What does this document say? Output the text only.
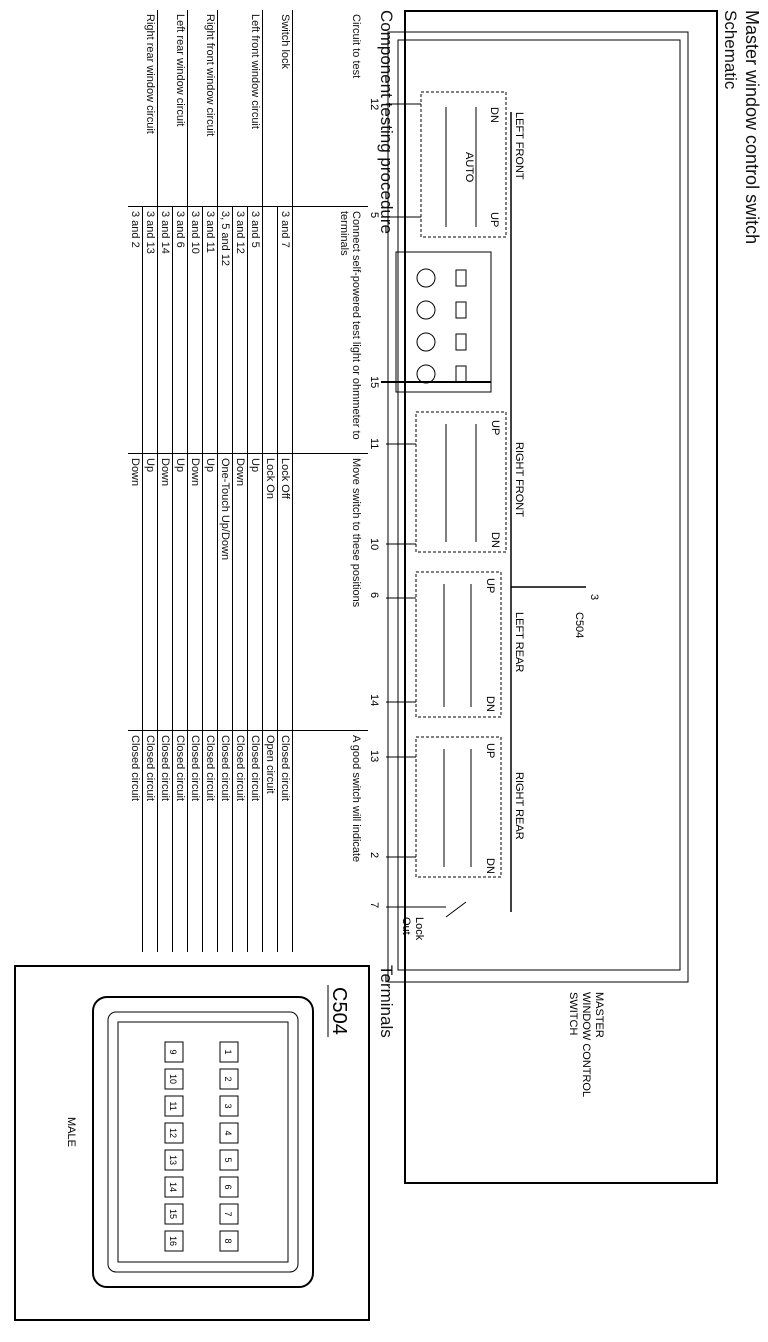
Master window control switch
Schematic
Component testing procedure
Terminals
3
C504
DN
UP
AUTO	LEFT FRONT
12
5
15
UP
DN
RIGHT FRONT
11
10
UP
DN
LEFT REAR
6
14
UP
DN
RIGHT REAR
13
2
7
Lock
Out
MASTER
WINDOW CONTROL
SWITCH
Circuit to test	Connect self-powered test light or ohmmeter to terminals	Move switch to these positions	A good switch will indicate
Switch lock	3 and 7	Lock Off	Closed circuit
		Lock On	Open circuit
Left front window circuit	3 and 5	Up	Closed circuit
	3 and 12	Down	Closed circuit
	3, 5 and 12	One-Touch Up/Down	Closed circuit
Right front window circuit	3 and 11	Up	Closed circuit
	3 and 10	Down	Closed circuit
Left rear window circuit	3 and 6	Up	Closed circuit
	3 and 14	Down	Closed circuit
Right rear window circuit	3 and 13	Up	Closed circuit
	3 and 2	Down	Closed circuit
C504
1
2
3
4
5
6
7
8
9
10
11
12
13
14
15
16
MALE
